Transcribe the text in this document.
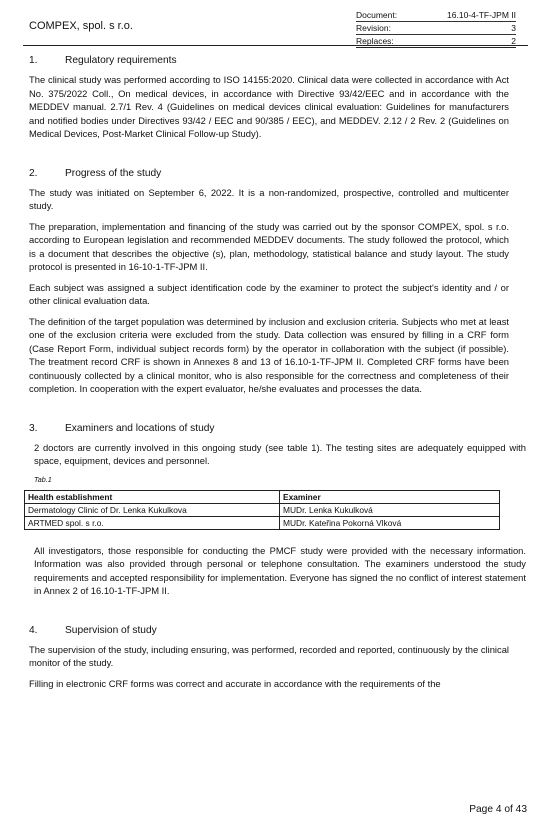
COMPEX, spol. s r.o.
Document:	16.10-4-TF-JPM II
Revision:	3
Replaces:	2
1.	Regulatory requirements

The clinical study was performed according to ISO 14155:2020. Clinical data were collected in accordance with Act No. 375/2022 Coll., On medical devices, in accordance with Directive 93/42/EEC and in accordance with the MEDDEV manual. 2.7/1 Rev. 4 (Guidelines on medical devices clinical evaluation: Guidelines for manufacturers and notified bodies under Directives 93/42 / EEC and 90/385 / EEC), and MEDDEV. 2.12 / 2 Rev. 2 (Guidelines on Medical Devices, Post-Market Clinical Follow-up Study).

2.	Progress of the study

The study was initiated on September 6, 2022. It is a non-randomized, prospective, controlled and multicenter study.

The preparation, implementation and financing of the study was carried out by the sponsor COMPEX, spol. s r.o. according to European legislation and recommended MEDDEV documents. The study followed the protocol, which is a document that describes the objective (s), plan, methodology, statistical balance and study layout. The study protocol is presented in 16-10-1-TF-JPM II.

Each subject was assigned a subject identification code by the examiner to protect the subject's identity and / or other clinical evaluation data.

The definition of the target population was determined by inclusion and exclusion criteria. Subjects who met at least one of the exclusion criteria were excluded from the study. Data collection was ensured by filling in a CRF form (Case Report Form, individual subject records form) by the operator in collaboration with the subject (if possible). The treatment record CRF is shown in Annexes 8 and 13 of 16.10-1-TF-JPM II. Completed CRF forms have been continuously collected by a clinical monitor, who is also responsible for the correctness and completeness of their completion. In cooperation with the expert evaluator, he/she evaluates and processes the data.

3.	Examiners and locations of study

2 doctors are currently involved in this ongoing study (see table 1). The testing sites are adequately equipped with space, equipment, devices and personnel.

Tab.1
Health establishment	Examiner
Dermatology Clinic of Dr. Lenka Kukulkova	MUDr. Lenka Kukulková
ARTMED spol. s r.o.	MUDr. Kateřina Pokorná Vlková

All investigators, those responsible for conducting the PMCF study were provided with the necessary information. Information was also provided through personal or telephone consultation. The examiners understood the study requirements and accepted responsibility for implementation. Everyone has signed the no conflict of interest statement in Annex 2 of 16.10-1-TF-JPM II.

4.	Supervision of study

The supervision of the study, including ensuring, was performed, recorded and reported, continuously by the clinical monitor of the study.

Filling in electronic CRF forms was correct and accurate in accordance with the requirements of the

Page 4 of 43
